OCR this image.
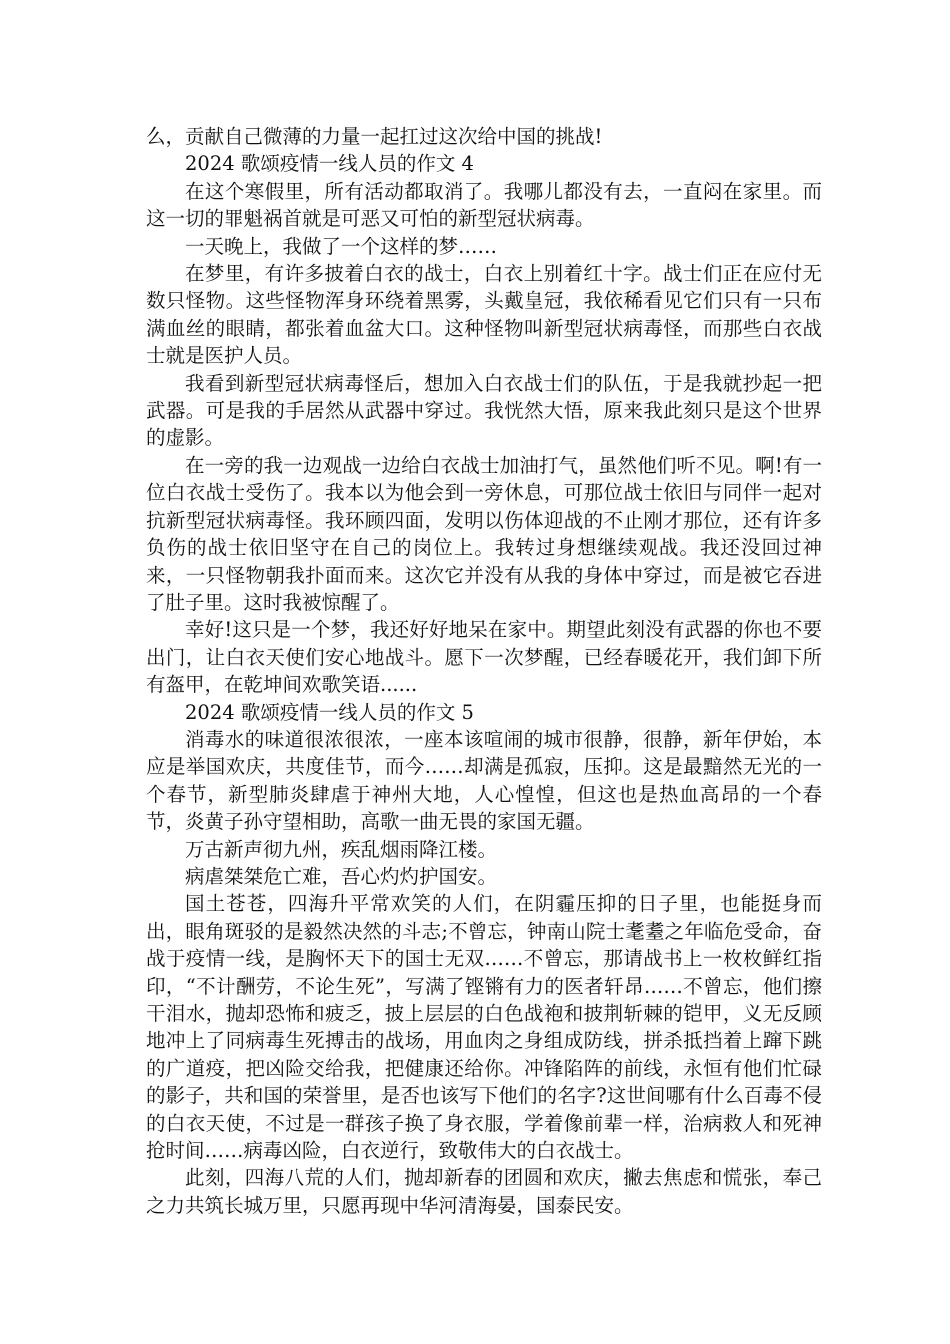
么，贡献自己微薄的力量一起扛过这次给中国的挑战!

2024 歌颂疫情一线人员的作文 4

在这个寒假里，所有活动都取消了。我哪儿都没有去，一直闷在家里。而这一切的罪魁祸首就是可恶又可怕的新型冠状病毒。

一天晚上，我做了一个这样的梦……

在梦里，有许多披着白衣的战士，白衣上别着红十字。战士们正在应付无数只怪物。这些怪物浑身环绕着黑雾，头戴皇冠，我依稀看见它们只有一只布满血丝的眼睛，都张着血盆大口。这种怪物叫新型冠状病毒怪，而那些白衣战士就是医护人员。

我看到新型冠状病毒怪后，想加入白衣战士们的队伍，于是我就抄起一把武器。可是我的手居然从武器中穿过。我恍然大悟，原来我此刻只是这个世界的虚影。

在一旁的我一边观战一边给白衣战士加油打气，虽然他们听不见。啊!有一位白衣战士受伤了。我本以为他会到一旁休息，可那位战士依旧与同伴一起对抗新型冠状病毒怪。我环顾四面，发明以伤体迎战的不止刚才那位，还有许多负伤的战士依旧坚守在自己的岗位上。我转过身想继续观战。我还没回过神来，一只怪物朝我扑面而来。这次它并没有从我的身体中穿过，而是被它吞进了肚子里。这时我被惊醒了。

幸好!这只是一个梦，我还好好地呆在家中。期望此刻没有武器的你也不要出门，让白衣天使们安心地战斗。愿下一次梦醒，已经春暖花开，我们卸下所有盔甲，在乾坤间欢歌笑语......

2024 歌颂疫情一线人员的作文 5

消毒水的味道很浓很浓，一座本该喧闹的城市很静，很静，新年伊始，本应是举国欢庆，共度佳节，而今……却满是孤寂，压抑。这是最黯然无光的一个春节，新型肺炎肆虐于神州大地，人心惶惶，但这也是热血高昂的一个春节，炎黄子孙守望相助，高歌一曲无畏的家国无疆。

万古新声彻九州，疾乱烟雨降江楼。

病虐桀桀危亡难，吾心灼灼护国安。

国土苍苍，四海升平常欢笑的人们，在阴霾压抑的日子里，也能挺身而出，眼角斑驳的是毅然决然的斗志;不曾忘，钟南山院士耄耋之年临危受命，奋战于疫情一线，是胸怀天下的国士无双……不曾忘，那请战书上一枚枚鲜红指印，“不计酬劳，不论生死”，写满了铿锵有力的医者轩昂……不曾忘，他们擦干泪水，抛却恐怖和疲乏，披上层层的白色战袍和披荆斩棘的铠甲，义无反顾地冲上了同病毒生死搏击的战场，用血肉之身组成防线，拼杀抵挡着上蹿下跳的广道疫，把凶险交给我，把健康还给你。冲锋陷阵的前线，永恒有他们忙碌的影子，共和国的荣誉里，是否也该写下他们的名字?这世间哪有什么百毒不侵的白衣天使，不过是一群孩子换了身衣服，学着像前辈一样，治病救人和死神抢时间……病毒凶险，白衣逆行，致敬伟大的白衣战士。

此刻，四海八荒的人们，抛却新春的团圆和欢庆，撇去焦虑和慌张，奉己之力共筑长城万里，只愿再现中华河清海晏，国泰民安。
